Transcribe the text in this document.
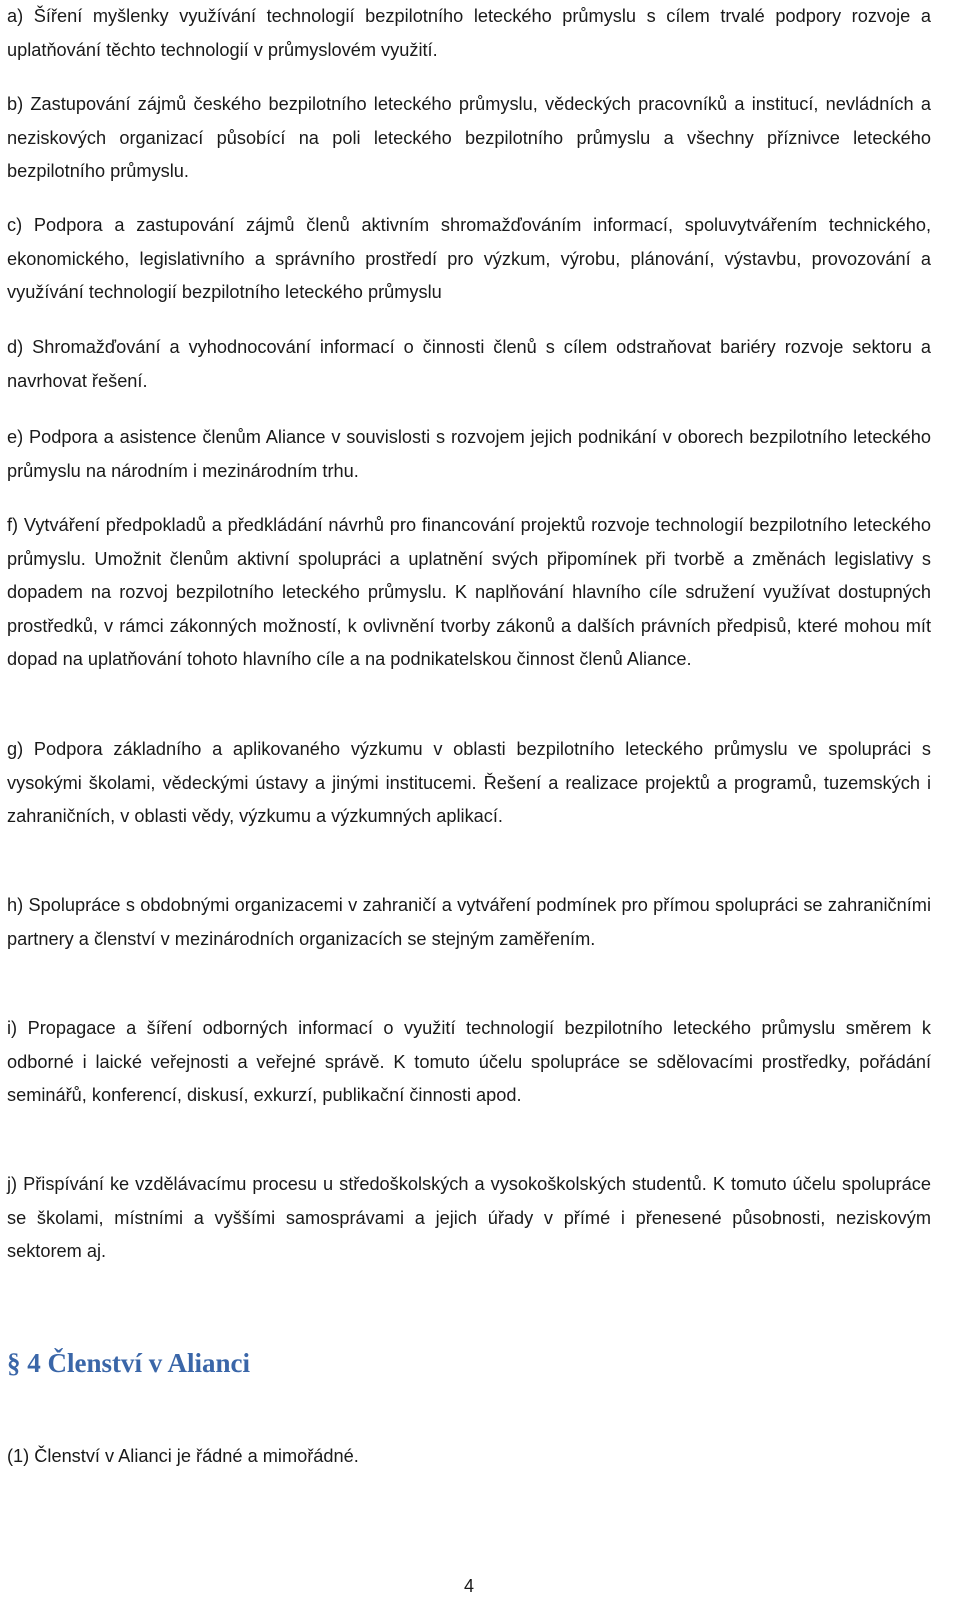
a) Šíření myšlenky využívání technologií bezpilotního leteckého průmyslu s cílem trvalé podpory rozvoje a uplatňování těchto technologií v průmyslovém využití.

b) Zastupování zájmů českého bezpilotního leteckého průmyslu, vědeckých pracovníků a institucí, nevládních a neziskových organizací působící na poli leteckého bezpilotního průmyslu a všechny příznivce leteckého bezpilotního průmyslu.

c) Podpora a zastupování zájmů členů aktivním shromažďováním informací, spoluvytvářením technického, ekonomického, legislativního a správního prostředí pro výzkum, výrobu, plánování, výstavbu, provozování a využívání technologií bezpilotního leteckého průmyslu

d) Shromažďování a vyhodnocování informací o činnosti členů s cílem odstraňovat bariéry rozvoje sektoru a navrhovat řešení.

e) Podpora a asistence členům Aliance v souvislosti s rozvojem jejich podnikání v oborech bezpilotního leteckého průmyslu na národním i mezinárodním trhu.

f) Vytváření předpokladů a předkládání návrhů pro financování projektů rozvoje technologií bezpilotního leteckého průmyslu. Umožnit členům aktivní spolupráci a uplatnění svých připomínek při tvorbě a změnách legislativy s dopadem na rozvoj bezpilotního leteckého průmyslu. K naplňování hlavního cíle sdružení využívat dostupných prostředků, v rámci zákonných možností, k ovlivnění tvorby zákonů a dalších právních předpisů, které mohou mít dopad na uplatňování tohoto hlavního cíle a na podnikatelskou činnost členů Aliance.

g) Podpora základního a aplikovaného výzkumu v oblasti bezpilotního leteckého průmyslu ve spolupráci s vysokými školami, vědeckými ústavy a jinými institucemi. Řešení a realizace projektů a programů, tuzemských i zahraničních, v oblasti vědy, výzkumu a výzkumných aplikací.

h) Spolupráce s obdobnými organizacemi v zahraničí a vytváření podmínek pro přímou spolupráci se zahraničními partnery a členství v mezinárodních organizacích se stejným zaměřením.

i) Propagace a šíření odborných informací o využití technologií bezpilotního leteckého průmyslu směrem k odborné i laické veřejnosti a veřejné správě. K tomuto účelu spolupráce se sdělovacími prostředky, pořádání seminářů, konferencí, diskusí, exkurzí, publikační činnosti apod.

j) Přispívání ke vzdělávacímu procesu u středoškolských a vysokoškolských studentů. K tomuto účelu spolupráce se školami, místními a vyššími samosprávami a jejich úřady v přímé i přenesené působnosti, neziskovým sektorem aj.

§ 4 Členství v Alianci

(1) Členství v Alianci je řádné a mimořádné.

4
